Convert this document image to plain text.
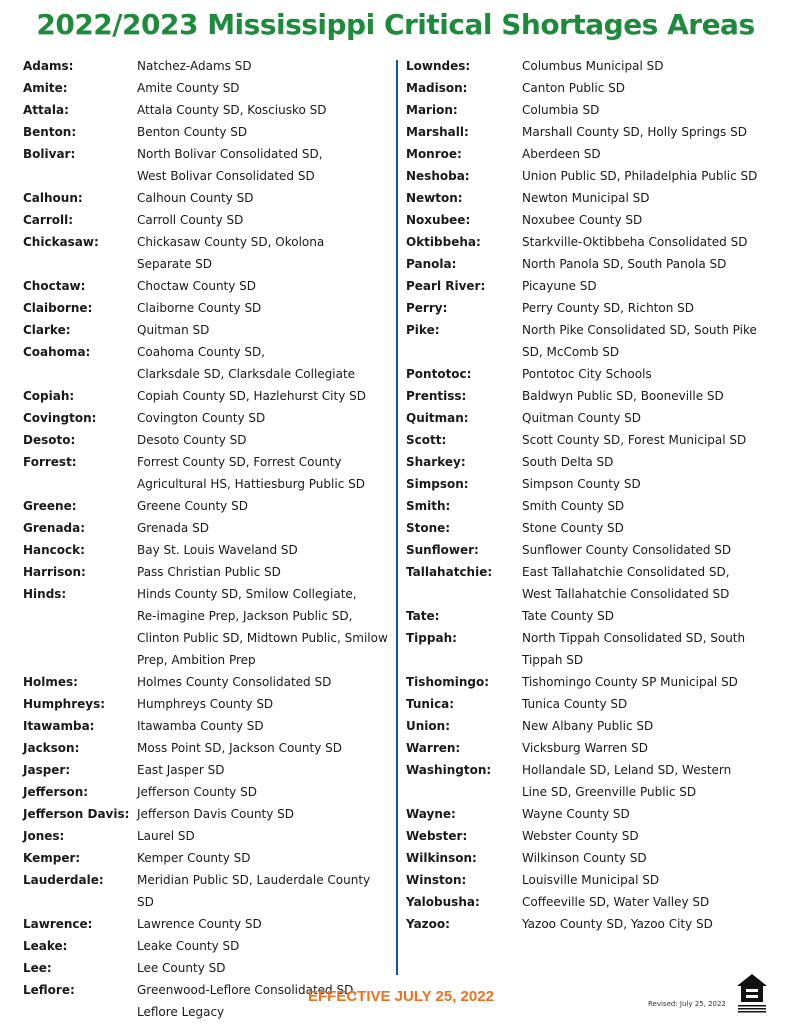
2022/2023 Mississippi Critical Shortages Areas
Adams:	Natchez-Adams SD
Amite:	Amite County SD
Attala:	Attala County SD, Kosciusko SD
Benton:	Benton County SD
Bolivar:	North Bolivar Consolidated SD,
West Bolivar Consolidated SD
Calhoun:	Calhoun County SD
Carroll:	Carroll County SD
Chickasaw:	Chickasaw County SD, Okolona
Separate SD
Choctaw:	Choctaw County SD
Claiborne:	Claiborne County SD
Clarke:	Quitman SD
Coahoma:	Coahoma County SD,
Clarksdale SD, Clarksdale Collegiate
Copiah:	Copiah County SD, Hazlehurst City SD
Covington:	Covington County SD
Desoto:	Desoto County SD
Forrest:	Forrest County SD, Forrest County
Agricultural HS, Hattiesburg Public SD
Greene:	Greene County SD
Grenada:	Grenada SD
Hancock:	Bay St. Louis Waveland SD
Harrison:	Pass Christian Public SD
Hinds:	Hinds County SD, Smilow Collegiate,
Re-imagine Prep, Jackson Public SD,
Clinton Public SD, Midtown Public, Smilow
Prep, Ambition Prep
Holmes:	Holmes County Consolidated SD
Humphreys:	Humphreys County SD
Itawamba:	Itawamba County SD
Jackson:	Moss Point SD, Jackson County SD
Jasper:	East Jasper SD
Jefferson:	Jefferson County SD
Jefferson Davis: Jefferson Davis County SD
Jones:	Laurel SD
Kemper:	Kemper County SD
Lauderdale:	Meridian Public SD, Lauderdale County SD
Lawrence:	Lawrence County SD
Leake:	Leake County SD
Lee:	Lee County SD
Leflore:	Greenwood-Leflore Consolidated SD,
Leflore Legacy
Lowndes:	Columbus Municipal SD
Madison:	Canton Public SD
Marion:	Columbia SD
Marshall:	Marshall County SD, Holly Springs SD
Monroe:	Aberdeen SD
Neshoba:	Union Public SD, Philadelphia Public SD
Newton:	Newton Municipal SD
Noxubee:	Noxubee County SD
Oktibbeha:	Starkville-Oktibbeha Consolidated SD
Panola:	North Panola SD, South Panola SD
Pearl River:	Picayune SD
Perry:	Perry County SD, Richton SD
Pike:	North Pike Consolidated SD, South Pike
SD, McComb SD
Pontotoc:	Pontotoc City Schools
Prentiss:	Baldwyn Public SD, Booneville SD
Quitman:	Quitman County SD
Scott:	Scott County SD, Forest Municipal SD
Sharkey:	South Delta SD
Simpson:	Simpson County SD
Smith:	Smith County SD
Stone:	Stone County SD
Sunflower:	Sunflower County Consolidated SD
Tallahatchie:	East Tallahatchie Consolidated SD,
West Tallahatchie Consolidated SD
Tate:	Tate County SD
Tippah:	North Tippah Consolidated SD, South
Tippah SD
Tishomingo:	Tishomingo County SP Municipal SD
Tunica:	Tunica County SD
Union:	New Albany Public SD
Warren:	Vicksburg Warren SD
Washington:	Hollandale SD, Leland SD, Western
Line SD, Greenville Public SD
Wayne:	Wayne County SD
Webster:	Webster County SD
Wilkinson:	Wilkinson County SD
Winston:	Louisville Municipal SD
Yalobusha:	Coffeeville SD, Water Valley SD
Yazoo:	Yazoo County SD, Yazoo City SD
EFFECTIVE JULY 25, 2022	Revised: July 25, 2022
